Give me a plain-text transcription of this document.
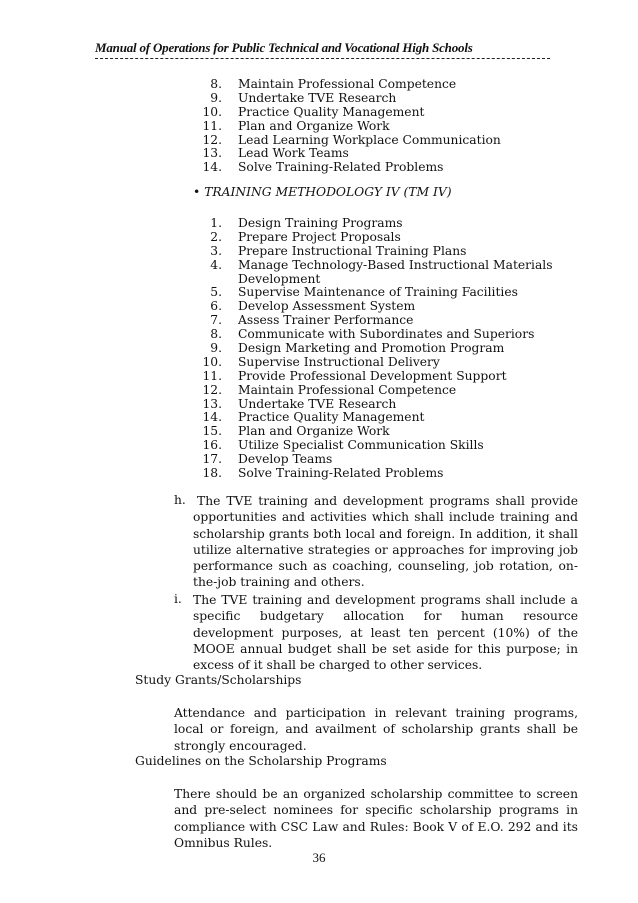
Manual of Operations for Public Technical and Vocational High Schools
8. Maintain Professional Competence
9. Undertake TVE Research
10. Practice Quality Management
11. Plan and Organize Work
12. Lead Learning Workplace Communication
13. Lead Work Teams
14. Solve Training-Related Problems
• TRAINING METHODOLOGY IV (TM IV)
1. Design Training Programs
2. Prepare Project Proposals
3. Prepare Instructional Training Plans
4. Manage Technology-Based Instructional Materials
Development
5. Supervise Maintenance of Training Facilities
6. Develop Assessment System
7. Assess Trainer Performance
8. Communicate with Subordinates and Superiors
9. Design Marketing and Promotion Program
10. Supervise Instructional Delivery
11. Provide Professional Development Support
12. Maintain Professional Competence
13. Undertake TVE Research
14. Practice Quality Management
15. Plan and Organize Work
16. Utilize Specialist Communication Skills
17. Develop Teams
18. Solve Training-Related Problems
h. The TVE training and development programs shall provide opportunities and activities which shall include training and scholarship grants both local and foreign. In addition, it shall utilize alternative strategies or approaches for improving job performance such as coaching, counseling, job rotation, on-the-job training and others.
i. The TVE training and development programs shall include a specific budgetary allocation for human resource development purposes, at least ten percent (10%) of the MOOE annual budget shall be set aside for this purpose; in excess of it shall be charged to other services.
Study Grants/Scholarships
Attendance and participation in relevant training programs, local or foreign, and availment of scholarship grants shall be strongly encouraged.
Guidelines on the Scholarship Programs
There should be an organized scholarship committee to screen and pre-select nominees for specific scholarship programs in compliance with CSC Law and Rules: Book V of E.O. 292 and its Omnibus Rules.
36
